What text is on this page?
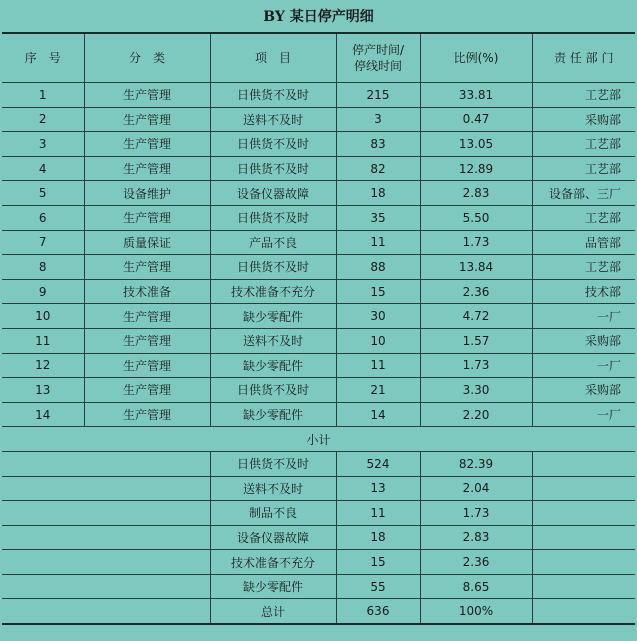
BY 某日停产明细
序　号	分　类	项　目	停产时间/
停线时间	比例(%)	责 任 部 门
1	生产管理	日供货不及时	215	33.81	工艺部
2	生产管理	送料不及时	3	0.47	采购部
3	生产管理	日供货不及时	83	13.05	工艺部
4	生产管理	日供货不及时	82	12.89	工艺部
5	设备维护	设备仪器故障	18	2.83	设备部、三厂
6	生产管理	日供货不及时	35	5.50	工艺部
7	质量保证	产品不良	11	1.73	品管部
8	生产管理	日供货不及时	88	13.84	工艺部
9	技术准备	技术准备不充分	15	2.36	技术部
10	生产管理	缺少零配件	30	4.72	一厂
11	生产管理	送料不及时	10	1.57	采购部
12	生产管理	缺少零配件	11	1.73	一厂
13	生产管理	日供货不及时	21	3.30	采购部
14	生产管理	缺少零配件	14	2.20	一厂
小计					
		日供货不及时	524	82.39	
		送料不及时	13	2.04	
		制品不良	11	1.73	
		设备仪器故障	18	2.83	
		技术准备不充分	15	2.36	
		缺少零配件	55	8.65	
		总计	636	100%	
